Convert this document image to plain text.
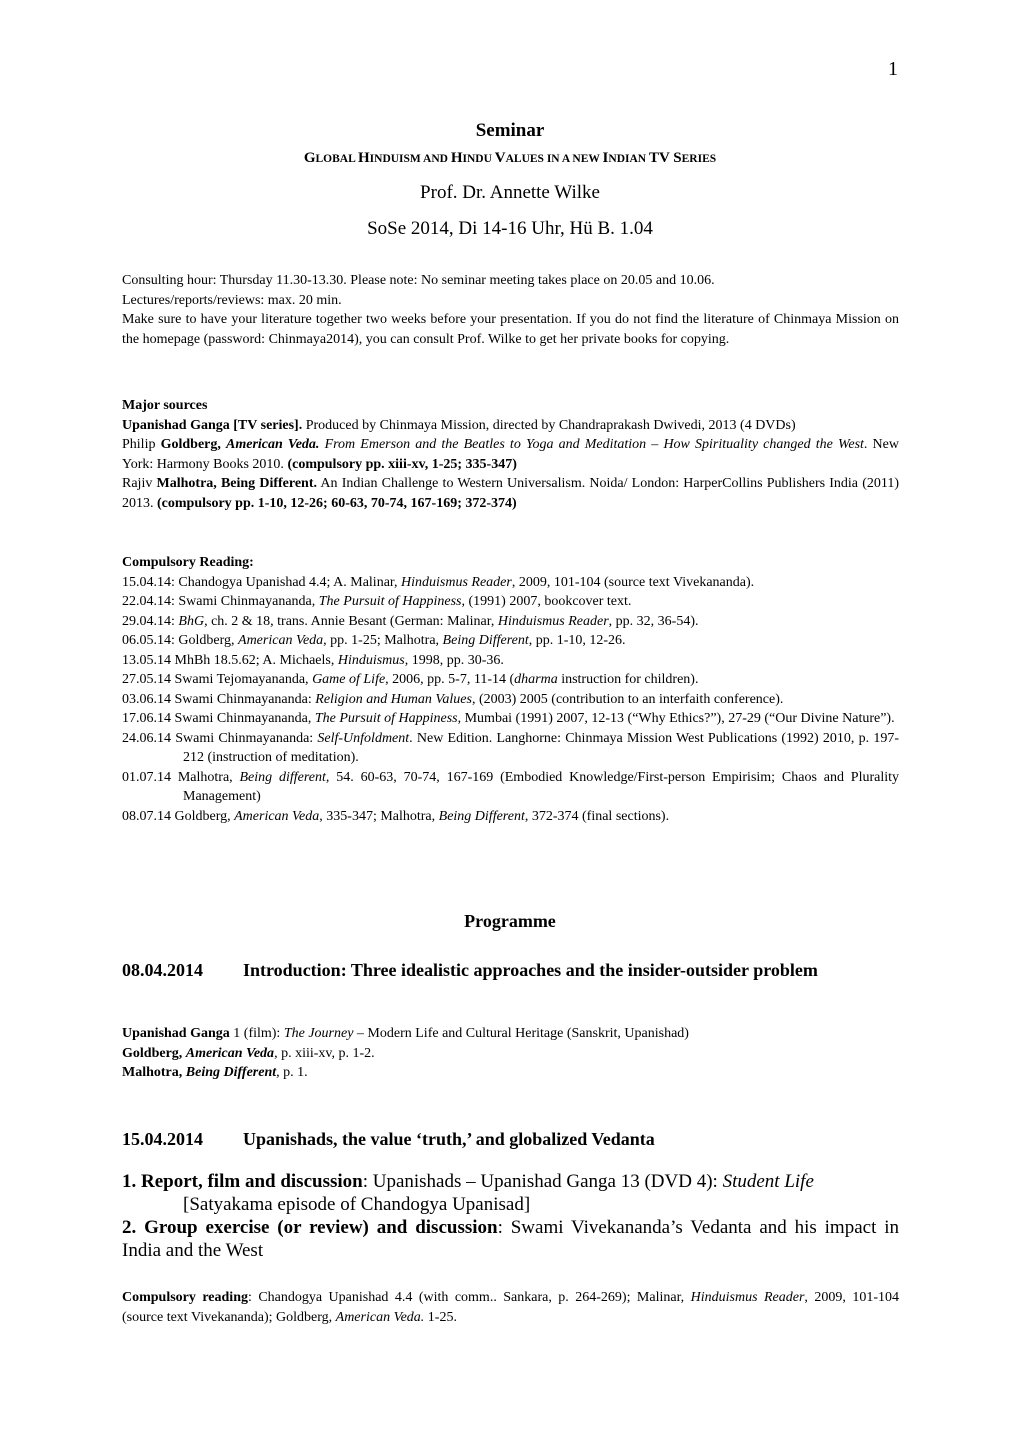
1
Seminar
GLOBAL HINDUISM AND HINDU VALUES IN A NEW INDIAN TV SERIES
Prof. Dr. Annette Wilke
SoSe 2014, Di 14-16 Uhr, Hü B. 1.04

Consulting hour: Thursday 11.30-13.30. Please note: No seminar meeting takes place on 20.05 and 10.06.

Lectures/reports/reviews: max. 20 min.

Make sure to have your literature together two weeks before your presentation. If you do not find the literature of Chinmaya Mission on the homepage (password: Chinmaya2014), you can consult Prof. Wilke to get her private books for copying.

Major sources

Upanishad Ganga [TV series]. Produced by Chinmaya Mission, directed by Chandraprakash Dwivedi, 2013 (4 DVDs)

Philip Goldberg, American Veda. From Emerson and the Beatles to Yoga and Meditation – How Spirituality changed the West. New York: Harmony Books 2010. (compulsory pp. xiii-xv, 1-25; 335-347)

Rajiv Malhotra, Being Different. An Indian Challenge to Western Universalism. Noida/ London: HarperCollins Publishers India (2011) 2013. (compulsory pp. 1-10, 12-26; 60-63, 70-74, 167-169; 372-374)

Compulsory Reading:

15.04.14: Chandogya Upanishad 4.4; A. Malinar, Hinduismus Reader, 2009, 101-104 (source text Vivekananda).

22.04.14: Swami Chinmayananda, The Pursuit of Happiness, (1991) 2007, bookcover text.

29.04.14: BhG, ch. 2 & 18, trans. Annie Besant (German: Malinar, Hinduismus Reader, pp. 32, 36-54).

06.05.14: Goldberg, American Veda, pp. 1-25; Malhotra, Being Different, pp. 1-10, 12-26.

13.05.14 MhBh 18.5.62; A. Michaels, Hinduismus, 1998, pp. 30-36.

27.05.14 Swami Tejomayananda, Game of Life, 2006, pp. 5-7, 11-14 (dharma instruction for children).

03.06.14 Swami Chinmayananda: Religion and Human Values, (2003) 2005 (contribution to an interfaith conference).

17.06.14 Swami Chinmayananda, The Pursuit of Happiness, Mumbai (1991) 2007, 12-13 (“Why Ethics?”), 27-29 (“Our Divine Nature”).

24.06.14 Swami Chinmayananda: Self-Unfoldment. New Edition. Langhorne: Chinmaya Mission West Publications (1992) 2010, p. 197-212 (instruction of meditation).

01.07.14 Malhotra, Being different, 54. 60-63, 70-74, 167-169 (Embodied Knowledge/First-person Empirisim; Chaos and Plurality Management)

08.07.14 Goldberg, American Veda, 335-347; Malhotra, Being Different, 372-374 (final sections).

Programme
08.04.2014 Introduction: Three idealistic approaches and the insider-outsider problem

Upanishad Ganga 1 (film): The Journey – Modern Life and Cultural Heritage (Sanskrit, Upanishad)

Goldberg, American Veda, p. xiii-xv, p. 1-2.

Malhotra, Being Different, p. 1.

15.04.2014 Upanishads, the value ‘truth,’ and globalized Vedanta

1. Report, film and discussion: Upanishads – Upanishad Ganga 13 (DVD 4): Student Life

[Satyakama episode of Chandogya Upanisad]

2. Group exercise (or review) and discussion: Swami Vivekananda’s Vedanta and his impact in India and the West

Compulsory reading: Chandogya Upanishad 4.4 (with comm.. Sankara, p. 264-269); Malinar, Hinduismus Reader, 2009, 101-104 (source text Vivekananda); Goldberg, American Veda. 1-25.
